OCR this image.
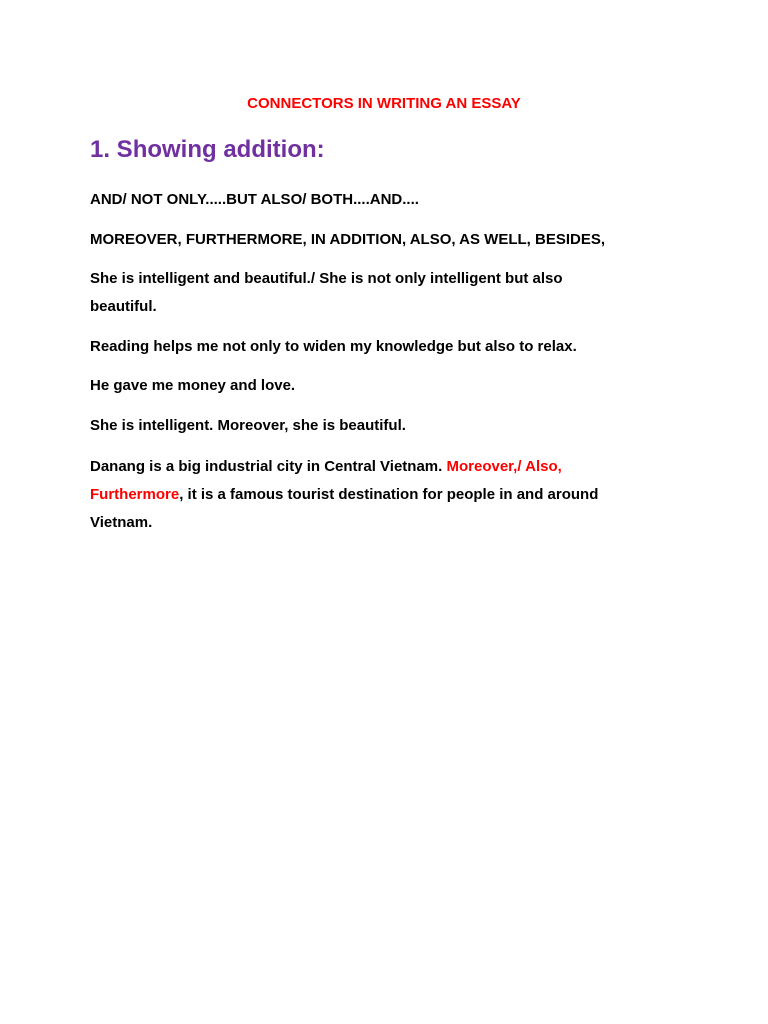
CONNECTORS IN WRITING AN ESSAY
1. Showing addition:
AND/ NOT ONLY.....BUT ALSO/ BOTH....AND....
MOREOVER, FURTHERMORE, IN ADDITION, ALSO, AS WELL, BESIDES,
She is intelligent and beautiful./ She is not only intelligent but also
beautiful.
Reading helps me not only to widen my knowledge but also to relax.
He gave me money and love.
She is intelligent. Moreover, she is beautiful.
Danang is a big industrial city in Central Vietnam. Moreover,/ Also,
Furthermore, it is a famous tourist destination for people in and around
Vietnam.
